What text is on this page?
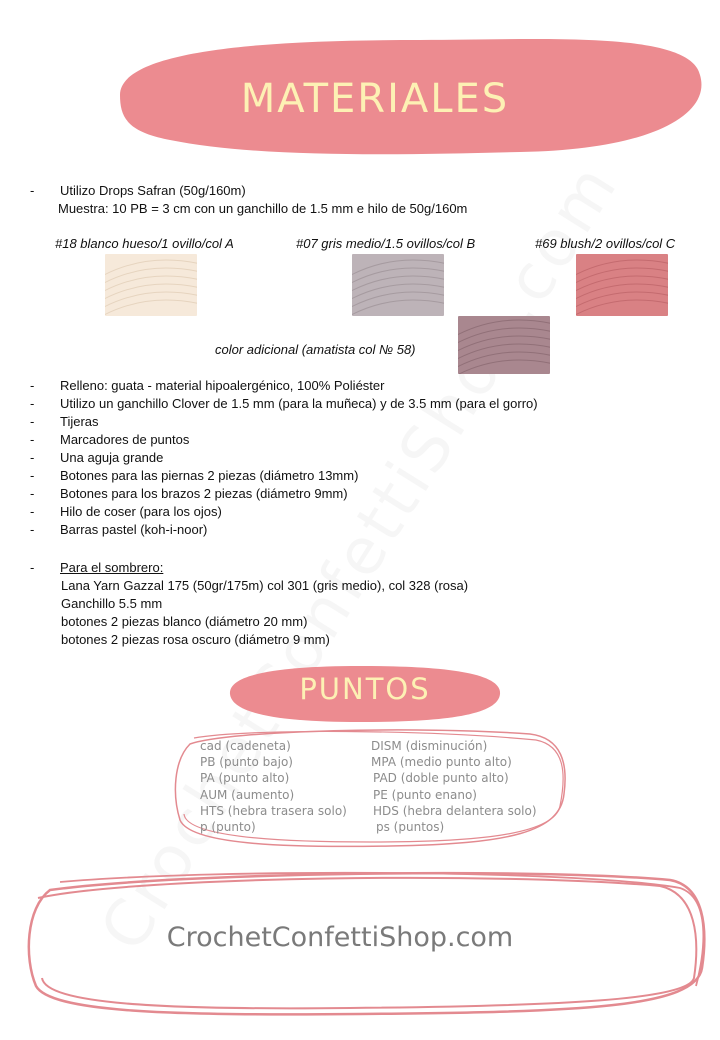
MATERIALES
- Utilizo Drops Safran (50g/160m)
Muestra: 10 PB = 3 cm con un ganchillo de 1.5 mm e hilo de 50g/160m
#18 blanco hueso/1 ovillo/col A	#07 gris medio/1.5 ovillos/col B	#69 blush/2 ovillos/col C
color adicional (amatista col № 58)
- Relleno: guata - material hipoalergénico, 100% Poliéster
- Utilizo un ganchillo Clover de 1.5 mm (para la muñeca) y de 3.5 mm (para el gorro)
- Tijeras
- Marcadores de puntos
- Una aguja grande
- Botones para las piernas 2 piezas (diámetro 13mm)
- Botones para los brazos 2 piezas (diámetro 9mm)
- Hilo de coser (para los ojos)
- Barras pastel (koh-i-noor)
- Para el sombrero:
Lana Yarn Gazzal 175 (50gr/175m) col 301 (gris medio), col 328 (rosa)
Ganchillo 5.5 mm
botones 2 piezas blanco (diámetro 20 mm)
botones 2 piezas rosa oscuro (diámetro 9 mm)
PUNTOS
cad (cadeneta)
PB (punto bajo)
PA (punto alto)
AUM (aumento)
HTS (hebra trasera solo)
p (punto)
DISM (disminución)
MPA (medio punto alto)
PAD (doble punto alto)
PE (punto enano)
HDS (hebra delantera solo)
ps (puntos)
CrochetConfettiShop.com
